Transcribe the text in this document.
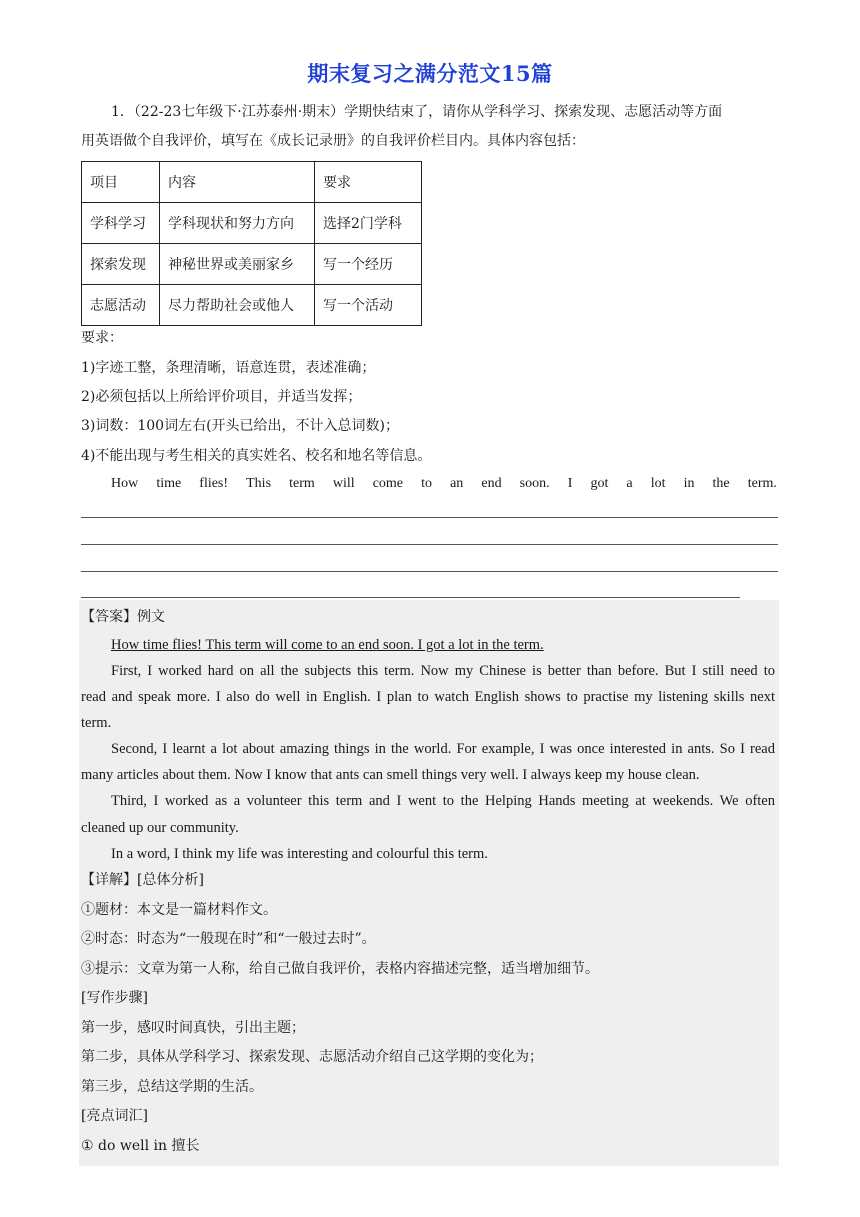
期末复习之满分范文15篇
1．（22-23七年级下·江苏泰州·期末）学期快结束了，请你从学科学习、探索发现、志愿活动等方面
用英语做个自我评价，填写在《成长记录册》的自我评价栏目内。具体内容包括：
项目	内容	要求
学科学习	学科现状和努力方向	选择2门学科
探索发现	神秘世界或美丽家乡	写一个经历
志愿活动	尽力帮助社会或他人	写一个活动
要求：
1)字迹工整，条理清晰，语意连贯，表述准确；
2)必须包括以上所给评价项目，并适当发挥；
3)词数：100词左右(开头已给出，不计入总词数)；
4)不能出现与考生相关的真实姓名、校名和地名等信息。
How time flies! This term will come to an end soon. I got a lot in the term.
【答案】例文
How time flies! This term will come to an end soon. I got a lot in the term.
First, I worked hard on all the subjects this term. Now my Chinese is better than before. But I still need to
read and speak more. I also do well in English. I plan to watch English shows to practise my listening skills next
term.
Second, I learnt a lot about amazing things in the world. For example, I was once interested in ants. So I read
many articles about them. Now I know that ants can smell things very well. I always keep my house clean.
Third, I worked as a volunteer this term and I went to the Helping Hands meeting at weekends. We often
cleaned up our community.
In a word, I think my life was interesting and colourful this term.
【详解】[总体分析]
①题材：本文是一篇材料作文。
②时态：时态为“一般现在时”和“一般过去时”。
③提示：文章为第一人称，给自己做自我评价，表格内容描述完整，适当增加细节。
[写作步骤]
第一步，感叹时间真快，引出主题；
第二步，具体从学科学习、探索发现、志愿活动介绍自己这学期的变化为；
第三步，总结这学期的生活。
[亮点词汇]
① do well in 擅长
